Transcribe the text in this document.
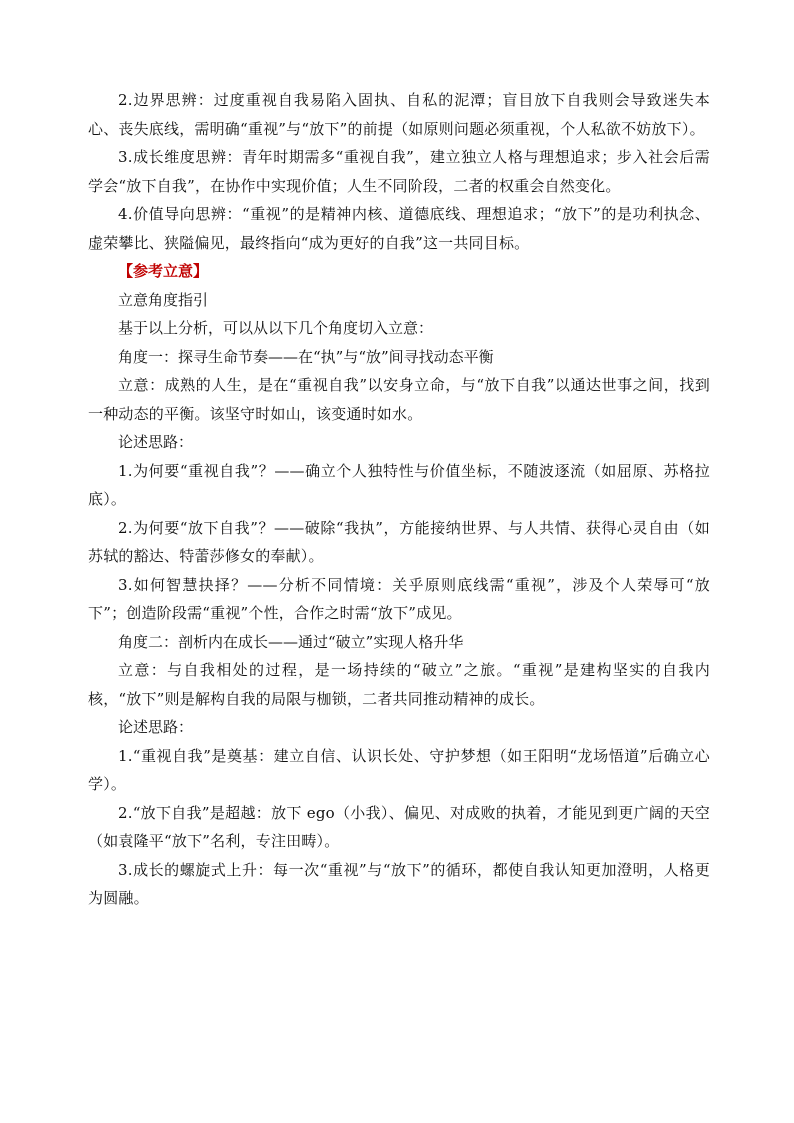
2.边界思辨：过度重视自我易陷入固执、自私的泥潭；盲目放下自我则会导致迷失本心、丧失底线，需明确“重视”与“放下”的前提（如原则问题必须重视，个人私欲不妨放下）。

3.成长维度思辨：青年时期需多“重视自我”，建立独立人格与理想追求；步入社会后需学会“放下自我”，在协作中实现价值；人生不同阶段，二者的权重会自然变化。

4.价值导向思辨：“重视”的是精神内核、道德底线、理想追求；“放下”的是功利执念、虚荣攀比、狭隘偏见，最终指向“成为更好的自我”这一共同目标。

【参考立意】

立意角度指引

基于以上分析，可以从以下几个角度切入立意：

角度一：探寻生命节奏——在“执”与“放”间寻找动态平衡

立意：成熟的人生，是在“重视自我”以安身立命，与“放下自我”以通达世事之间，找到一种动态的平衡。该坚守时如山，该变通时如水。

论述思路：

1.为何要“重视自我”？——确立个人独特性与价值坐标，不随波逐流（如屈原、苏格拉底）。

2.为何要“放下自我”？——破除“我执”，方能接纳世界、与人共情、获得心灵自由（如苏轼的豁达、特蕾莎修女的奉献）。

3.如何智慧抉择？——分析不同情境：关乎原则底线需“重视”，涉及个人荣辱可“放下”；创造阶段需“重视”个性，合作之时需“放下”成见。

角度二：剖析内在成长——通过“破立”实现人格升华

立意：与自我相处的过程，是一场持续的“破立”之旅。“重视”是建构坚实的自我内核，“放下”则是解构自我的局限与枷锁，二者共同推动精神的成长。

论述思路：

1.“重视自我”是奠基：建立自信、认识长处、守护梦想（如王阳明“龙场悟道”后确立心学）。

2.“放下自我”是超越：放下 ego（小我）、偏见、对成败的执着，才能见到更广阔的天空（如袁隆平“放下”名利，专注田畴）。

3.成长的螺旋式上升：每一次“重视”与“放下”的循环，都使自我认知更加澄明，人格更为圆融。
